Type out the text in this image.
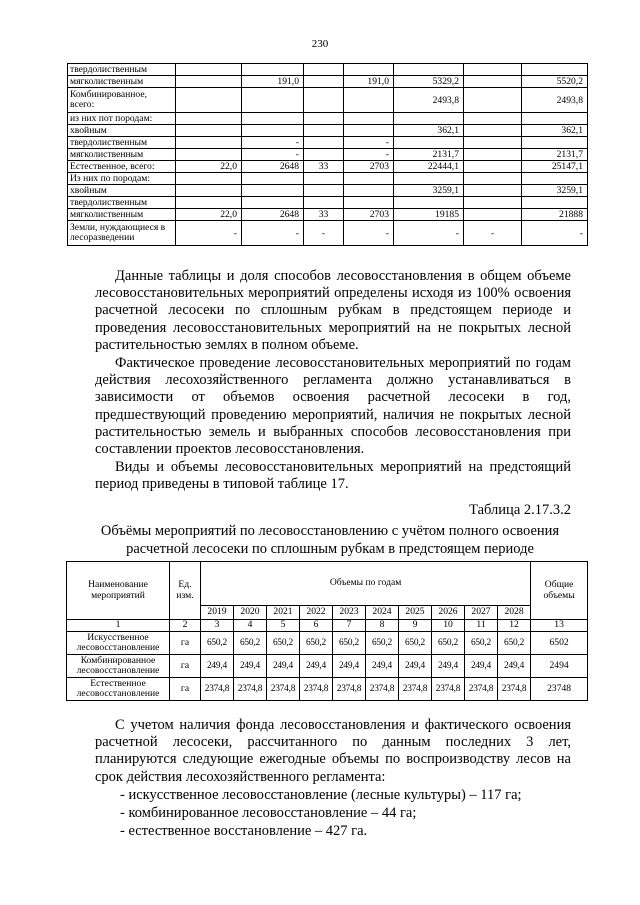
230
твердолиственным							
мягколиственным		191,0		191,0	5329,2		5520,2
Комбинированное, всего:					2493,8		2493,8
из них пот породам:							
хвойным					362,1		362,1
твердолиственным		-		-			
мягколиственным		-		-	2131,7		2131,7
Естественное, всего:	22,0	2648	33	2703	22444,1		25147,1
Из них по породам:							
хвойным					3259,1		3259,1
твердолиственным							
мягколиственным	22,0	2648	33	2703	19185		21888
Земли, нуждающиеся в лесоразведении	-	-	-	-	-	-	-

Данные таблицы и доля способов лесовосстановления в общем объеме лесовосстановительных мероприятий определены исходя из 100% освоения расчетной лесосеки по сплошным рубкам в предстоящем периоде и проведения лесовосстановительных мероприятий на не покрытых лесной растительностью землях в полном объеме.

Фактическое проведение лесовосстановительных мероприятий по годам действия лесохозяйственного регламента должно устанавливаться в зависимости от объемов освоения расчетной лесосеки в год, предшествующий проведению мероприятий, наличия не покрытых лесной растительностью земель и выбранных способов лесовосстановления при составлении проектов лесовосстановления.

Виды и объемы лесовосстановительных мероприятий на предстоящий период приведены в типовой таблице 17.

Таблица 2.17.3.2
Объёмы мероприятий по лесовосстановлению с учётом полного освоения расчетной лесосеки по сплошным рубкам в предстоящем периоде
Наименование мероприятий	Ед. изм.	Объемы по годам										Общие объемы
		2019	2020	2021	2022	2023	2024	2025	2026	2027	2028	
1	2	3	4	5	6	7	8	9	10	11	12	13
Искусственное лесовосстановление	га	650,2	650,2	650,2	650,2	650,2	650,2	650,2	650,2	650,2	650,2	6502
Комбинированное лесовосстановление	га	249,4	249,4	249,4	249,4	249,4	249,4	249,4	249,4	249,4	249,4	2494
Естественное лесовосстановление	га	2374,8	2374,8	2374,8	2374,8	2374,8	2374,8	2374,8	2374,8	2374,8	2374,8	23748

С учетом наличия фонда лесовосстановления и фактического освоения расчетной лесосеки, рассчитанного по данным последних 3 лет, планируются следующие ежегодные объемы по воспроизводству лесов на срок действия лесохозяйственного регламента:

- искусственное лесовосстановление (лесные культуры) – 117 га;

- комбинированное лесовосстановление – 44 га;

- естественное восстановление – 427 га.
